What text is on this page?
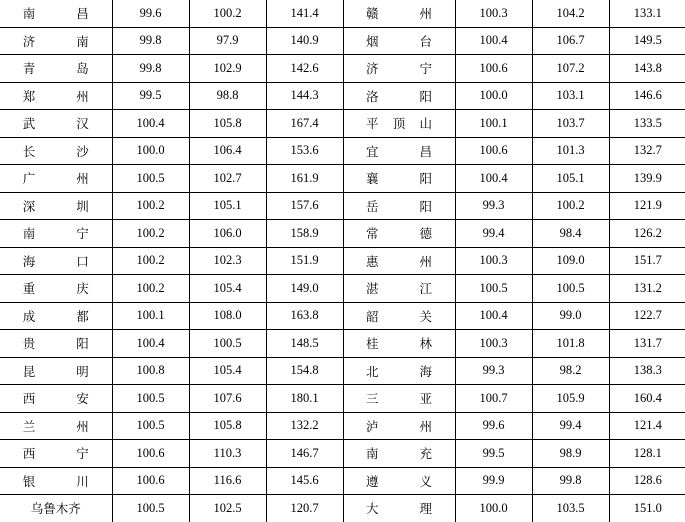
南 昌	99.6	100.2	141.4	赣 州	100.3	104.2	133.1
济 南	99.8	97.9	140.9	烟 台	100.4	106.7	149.5
青 岛	99.8	102.9	142.6	济 宁	100.6	107.2	143.8
郑 州	99.5	98.8	144.3	洛 阳	100.0	103.1	146.6
武 汉	100.4	105.8	167.4	平 顶 山	100.1	103.7	133.5
长 沙	100.0	106.4	153.6	宜 昌	100.6	101.3	132.7
广 州	100.5	102.7	161.9	襄 阳	100.4	105.1	139.9
深 圳	100.2	105.1	157.6	岳 阳	99.3	100.2	121.9
南 宁	100.2	106.0	158.9	常 德	99.4	98.4	126.2
海 口	100.2	102.3	151.9	惠 州	100.3	109.0	151.7
重 庆	100.2	105.4	149.0	湛 江	100.5	100.5	131.2
成 都	100.1	108.0	163.8	韶 关	100.4	99.0	122.7
贵 阳	100.4	100.5	148.5	桂 林	100.3	101.8	131.7
昆 明	100.8	105.4	154.8	北 海	99.3	98.2	138.3
西 安	100.5	107.6	180.1	三 亚	100.7	105.9	160.4
兰 州	100.5	105.8	132.2	泸 州	99.6	99.4	121.4
西 宁	100.6	110.3	146.7	南 充	99.5	98.9	128.1
银 川	100.6	116.6	145.6	遵 义	99.9	99.8	128.6
乌鲁木齐	100.5	102.5	120.7	大 理	100.0	103.5	151.0
